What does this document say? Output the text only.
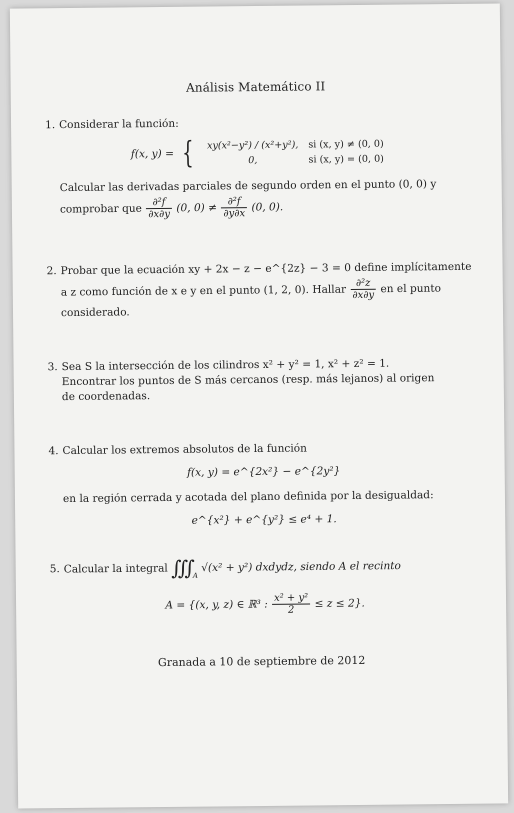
Análisis Matemático II
1. Considerar la función:
f(x, y) = { xy(x²−y²) / (x²+y²),	si (x, y) ≠ (0, 0)
0,	si (x, y) = (0, 0)
Calcular las derivadas parciales de segundo orden en el punto (0, 0) y
comprobar que $\frac{\text{∂²f}}{\partial x\partial y} (0$, $0) \ne \frac{\text{∂²f}}{\partial y\partial x} (0$, 0).
2. Probar que la ecuación xy + 2x − z − e^{2z} − 3 = 0 define implícitamente
a z como función de x e y en el punto (1, 2, 0). Hallar $\frac{\text{∂²z}}{\partial x\partial y}$ en el punto
considerado.
3. Sea S la intersección de los cilindros x² + y² = 1, x² + z² = 1.
Encontrar los puntos de S más cercanos (resp. más lejanos) al origen
de coordenadas.
4. Calcular los extremos absolutos de la función
f(x, y) = e^{2x²} − e^{2y²}
en la región cerrada y acotada del plano definida por la desigualdad:
e^{x²} + e^{y²} ≤ e⁴ + 1.
5. Calcular la integral ∭ $_A$ √(x² + y²) dxdydz, siendo A el recinto
A = {(x, y, z) ∈ ℝ³ : $\frac{\text{x² + y²}}{2} \le z \le 2$}.
Granada a 10 de septiembre de 2012
